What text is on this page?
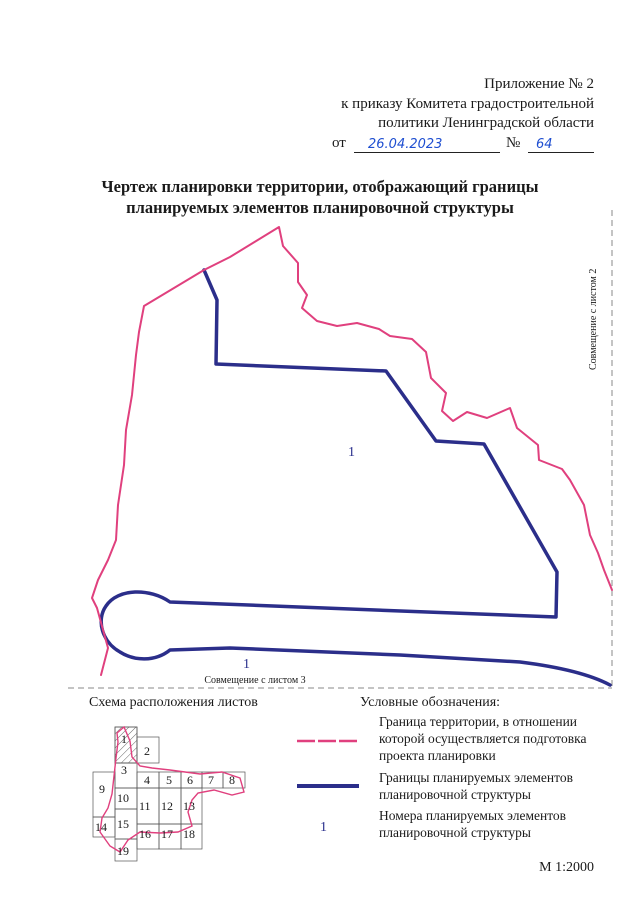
Приложение № 2
к приказу Комитета градостроительной
политики Ленинградской области
от 26.04.2023	№ 64
Чертеж планировки территории, отображающий границы
планируемых элементов планировочной структуры
1
2
3
4 5 6 7 8
9
10
11 12 13
14 15
16 17 18
19
Совмещение с листом 2
Совмещение с листом 3
1
1
Схема расположения листов	Условные обозначения:
Граница территории, в отношении которой осуществляется подготовка проекта планировки
Границы планируемых элементов планировочной структуры
1
Номера планируемых элементов планировочной структуры
М 1:2000
